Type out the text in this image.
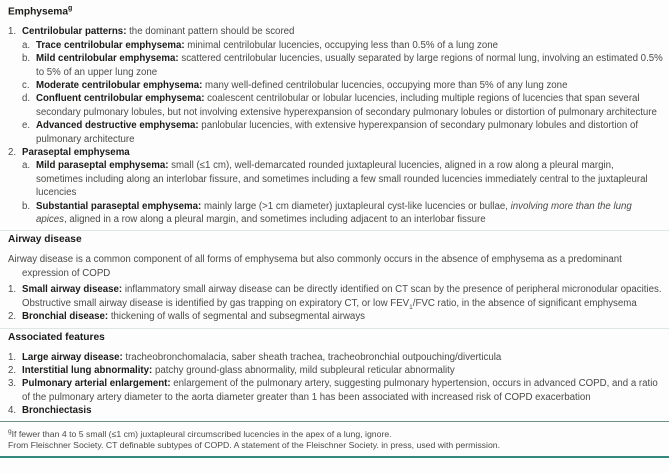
Emphysema$^g$
1. Centrilobular patterns: the dominant pattern should be scored
a. Trace centrilobular emphysema: minimal centrilobular lucencies, occupying less than 0.5% of a lung zone
b. Mild centrilobular emphysema: scattered centrilobular lucencies, usually separated by large regions of normal lung, involving an estimated 0.5% to 5% of an upper lung zone
c. Moderate centrilobular emphysema: many well-defined centrilobular lucencies, occupying more than 5% of any lung zone
d. Confluent centrilobular emphysema: coalescent centrilobular or lobular lucencies, including multiple regions of lucencies that span several secondary pulmonary lobules, but not involving extensive hyperexpansion of secondary pulmonary lobules or distortion of pulmonary architecture
e. Advanced destructive emphysema: panlobular lucencies, with extensive hyperexpansion of secondary pulmonary lobules and distortion of pulmonary architecture
2. Paraseptal emphysema
a. Mild paraseptal emphysema: small (≤1 cm), well-demarcated rounded juxtapleural lucencies, aligned in a row along a pleural margin, sometimes including along an interlobar fissure, and sometimes including a few small rounded lucencies immediately central to the juxtapleural lucencies
b. Substantial paraseptal emphysema: mainly large (>1 cm diameter) juxtapleural cyst-like lucencies or bullae, involving more than the lung apices, aligned in a row along a pleural margin, and sometimes including adjacent to an interlobar fissure
Airway disease
Airway disease is a common component of all forms of emphysema but also commonly occurs in the absence of emphysema as a predominant expression of COPD
1. Small airway disease: inflammatory small airway disease can be directly identified on CT scan by the presence of peripheral micronodular opacities. Obstructive small airway disease is identified by gas trapping on expiratory CT, or low $FEV_1$/FVC ratio, in the absence of significant emphysema
2. Bronchial disease: thickening of walls of segmental and subsegmental airways
Associated features
1. Large airway disease: tracheobronchomalacia, saber sheath trachea, tracheobronchial outpouching/diverticula
2. Interstitial lung abnormality: patchy ground-glass abnormality, mild subpleural reticular abnormality
3. Pulmonary arterial enlargement: enlargement of the pulmonary artery, suggesting pulmonary hypertension, occurs in advanced COPD, and a ratio of the pulmonary artery diameter to the aorta diameter greater than 1 has been associated with increased risk of COPD exacerbation
4. Bronchiectasis
$^g$If fewer than 4 to 5 small (≤1 cm) juxtapleural circumscribed lucencies in the apex of a lung, ignore.
From Fleischner Society. CT definable subtypes of COPD. A statement of the Fleischner Society. in press, used with permission.
